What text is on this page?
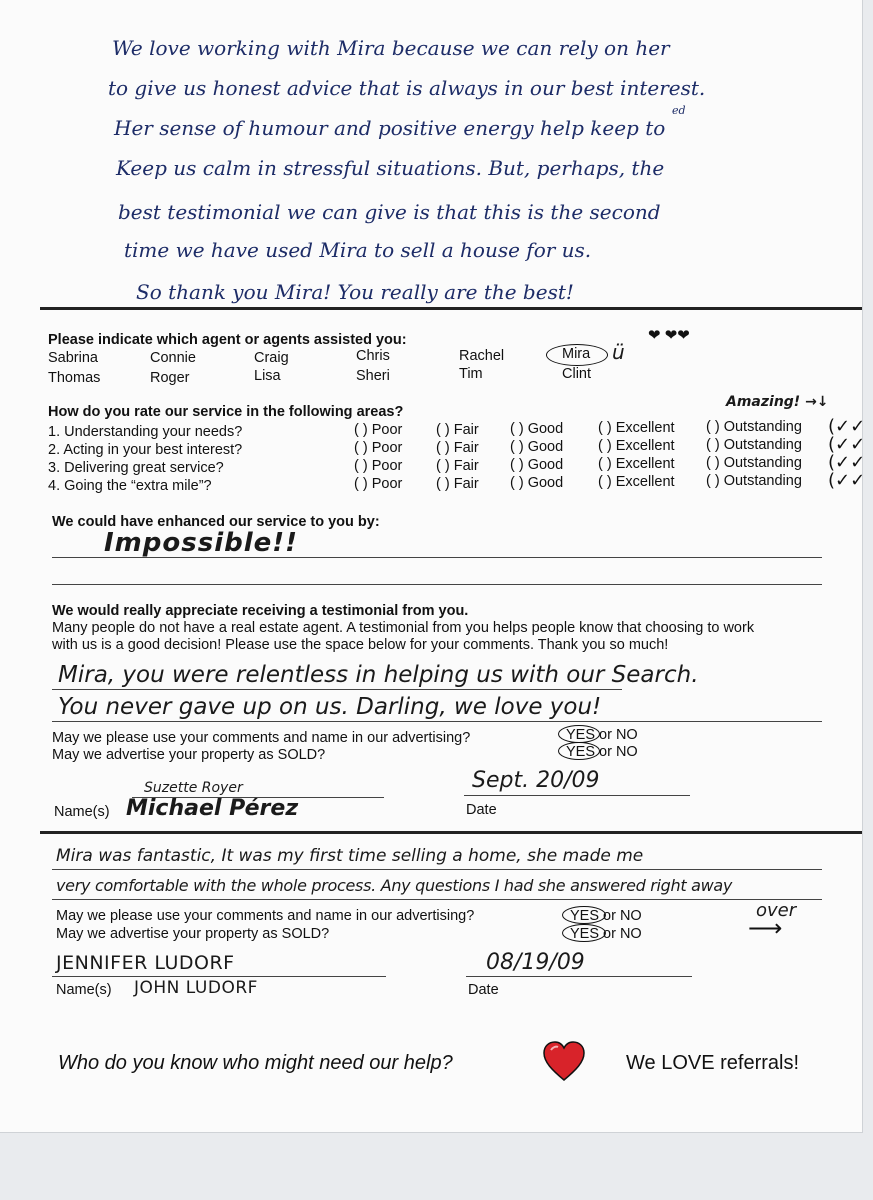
We love working with Mira because we can rely on her
to give us honest advice that is always in our best interest.
Her sense of humour and positive energy help keep to
ed
Keep us calm in stressful situations. But, perhaps, the
best testimonial we can give is that this is the second
time we have used Mira to sell a house for us.
So thank you Mira! You really are the best!
Please indicate which agent or agents assisted you:
Sabrina	Connie	Craig	Chris	Rachel	Mira ü
❤ ❤❤
Thomas	Roger	Lisa	Sheri	Tim	Clint
How do you rate our service in the following areas?
Amazing! →↓
1. Understanding your needs?	( ) Poor ( ) Fair ( ) Good ( ) Excellent ( ) Outstanding (✓✓
2. Acting in your best interest?	( ) Poor ( ) Fair ( ) Good ( ) Excellent ( ) Outstanding (✓✓
3. Delivering great service?	( ) Poor ( ) Fair ( ) Good ( ) Excellent ( ) Outstanding (✓✓
4. Going the “extra mile”?	( ) Poor ( ) Fair ( ) Good ( ) Excellent ( ) Outstanding (✓✓
We could have enhanced our service to you by:
Impossible!!
We would really appreciate receiving a testimonial from you.
Many people do not have a real estate agent. A testimonial from you helps people know that choosing to work
with us is a good decision! Please use the space below for your comments. Thank you so much!
Mira, you were relentless in helping us with our Search.
You never gave up on us. Darling, we love you!
May we please use your comments and name in our advertising?
May we advertise your property as SOLD?
YES or NO
YES or NO
Suzette Royer
Michael Pérez
Name(s)
Sept. 20/09
Date
Mira was fantastic, It was my first time selling a home, she made me
very comfortable with the whole process. Any questions I had she answered right away
over
⟶
May we please use your comments and name in our advertising?
May we advertise your property as SOLD?
YES or NO
YES or NO
JENNIFER LUDORF
Name(s) JOHN LUDORF
08/19/09
Date
Who do you know who might need our help?	We LOVE referrals!
